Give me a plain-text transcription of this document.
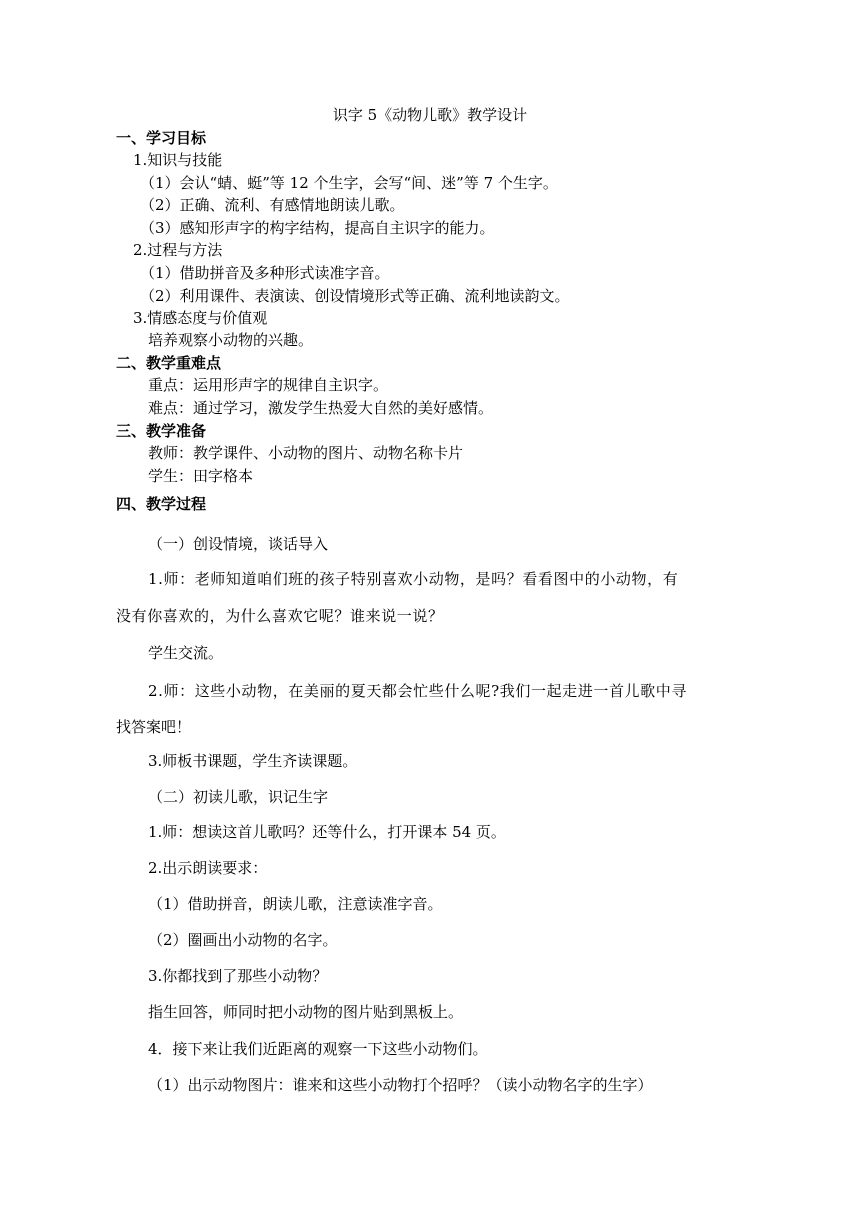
识字 5《动物儿歌》教学设计
一、学习目标
1.知识与技能
（1）会认“蜻、蜓”等 12 个生字，会写“间、迷”等 7 个生字。
（2）正确、流利、有感情地朗读儿歌。
（3）感知形声字的构字结构，提高自主识字的能力。
2.过程与方法
（1）借助拼音及多种形式读准字音。
（2）利用课件、表演读、创设情境形式等正确、流利地读韵文。
3.情感态度与价值观
培养观察小动物的兴趣。
二、教学重难点
重点：运用形声字的规律自主识字。
难点：通过学习，激发学生热爱大自然的美好感情。
三、教学准备
教师：教学课件、小动物的图片、动物名称卡片
学生：田字格本
四、教学过程
（一）创设情境，谈话导入
1.师：老师知道咱们班的孩子特别喜欢小动物，是吗？看看图中的小动物，有
没有你喜欢的，为什么喜欢它呢？谁来说一说？
学生交流。
2.师：这些小动物，在美丽的夏天都会忙些什么呢?我们一起走进一首儿歌中寻
找答案吧！
3.师板书课题，学生齐读课题。
（二）初读儿歌，识记生字
1.师：想读这首儿歌吗？还等什么，打开课本 54 页。
2.出示朗读要求：
（1）借助拼音，朗读儿歌，注意读准字音。
（2）圈画出小动物的名字。
3.你都找到了那些小动物？
指生回答，师同时把小动物的图片贴到黑板上。
4．接下来让我们近距离的观察一下这些小动物们。
（1）出示动物图片：谁来和这些小动物打个招呼？（读小动物名字的生字）
